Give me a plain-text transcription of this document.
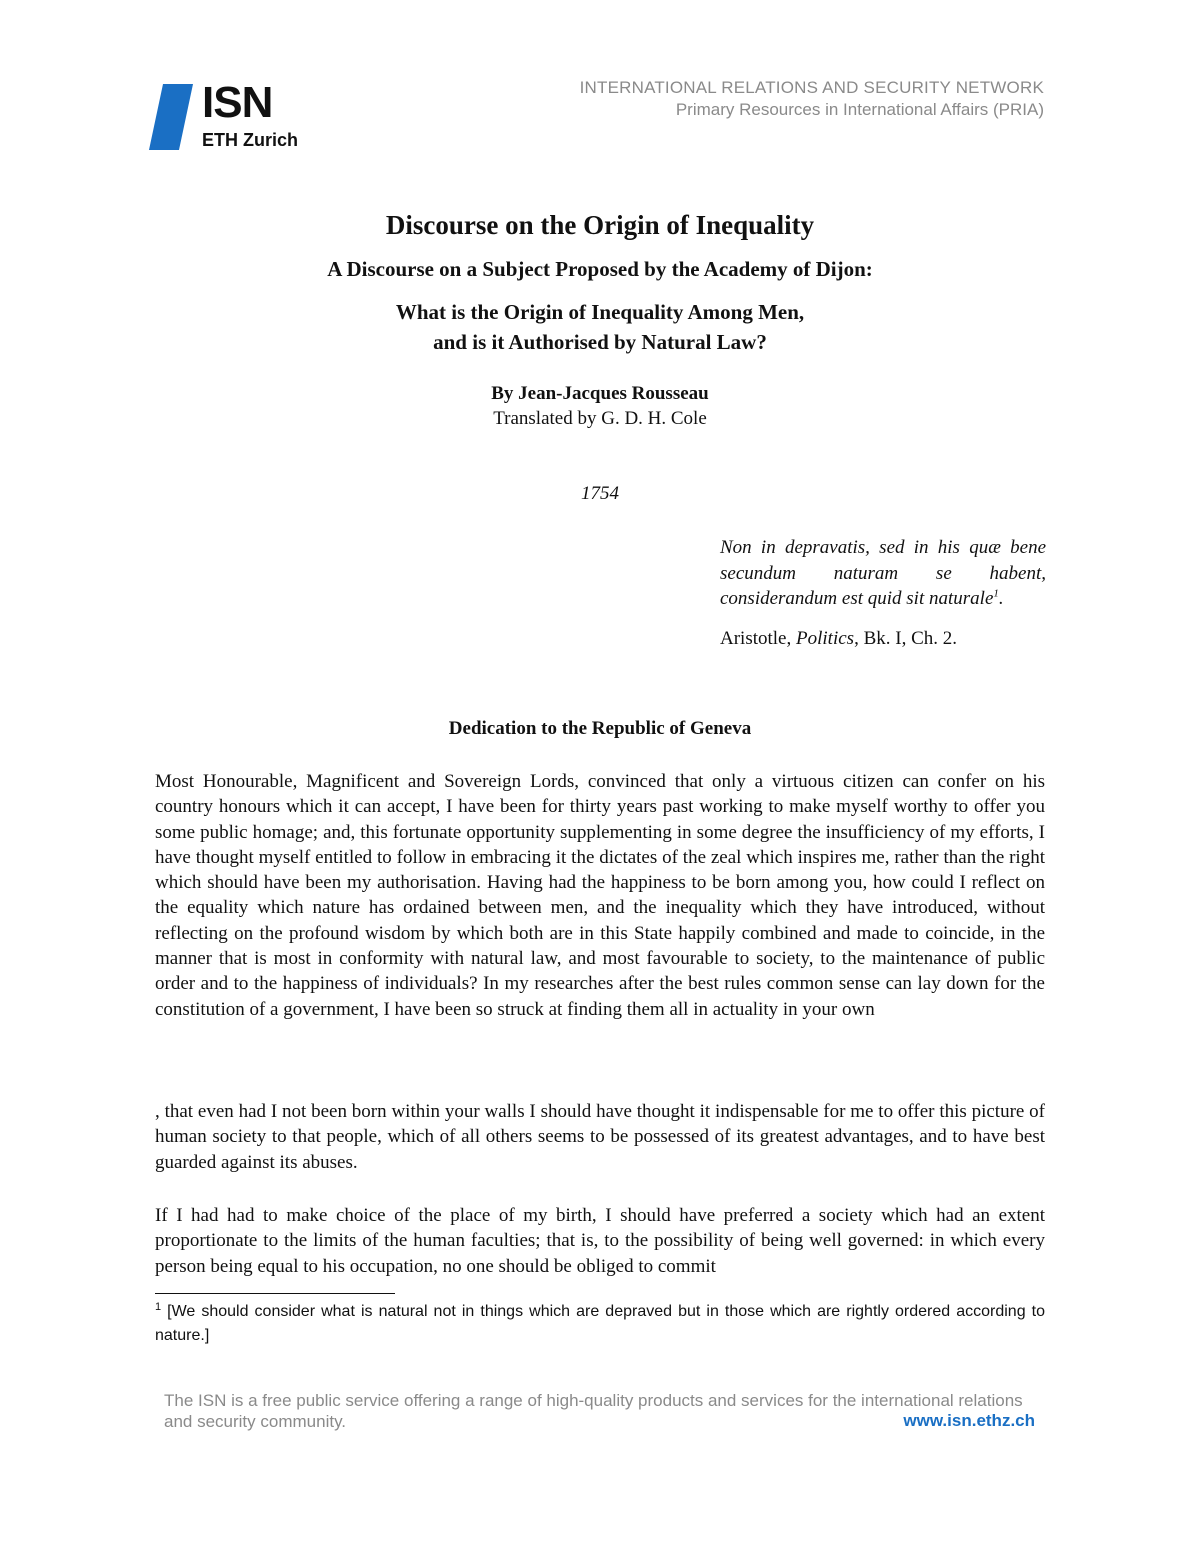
ISN
ETH Zurich
INTERNATIONAL RELATIONS AND SECURITY NETWORK
Primary Resources in International Affairs (PRIA)
Discourse on the Origin of Inequality
A Discourse on a Subject Proposed by the Academy of Dijon:
What is the Origin of Inequality Among Men,
and is it Authorised by Natural Law?
By Jean-Jacques Rousseau
Translated by G. D. H. Cole
1754
Non in depravatis, sed in his quæ bene secundum naturam se habent, considerandum est quid sit naturale$^1$.
Aristotle, Politics, Bk. I, Ch. 2.
Dedication to the Republic of Geneva
Most Honourable, Magnificent and Sovereign Lords, convinced that only a virtuous citizen can confer on his country honours which it can accept, I have been for thirty years past working to make myself worthy to offer you some public homage; and, this fortunate opportunity supplementing in some degree the insufficiency of my efforts, I have thought myself entitled to follow in embracing it the dictates of the zeal which inspires me, rather than the right which should have been my authorisation. Having had the happiness to be born among you, how could I reflect on the equality which nature has ordained between men, and the inequality which they have introduced, without reflecting on the profound wisdom by which both are in this State happily combined and made to coincide, in the manner that is most in conformity with natural law, and most favourable to society, to the maintenance of public order and to the happiness of individuals? In my researches after the best rules common sense can lay down for the constitution of a government, I have been so struck at finding them all in actuality in your own
, that even had I not been born within your walls I should have thought it indispensable for me to offer this picture of human society to that people, which of all others seems to be possessed of its greatest advantages, and to have best guarded against its abuses.
If I had had to make choice of the place of my birth, I should have preferred a society which had an extent proportionate to the limits of the human faculties; that is, to the possibility of being well governed: in which every person being equal to his occupation, no one should be obliged to commit
$^1$ [We should consider what is natural not in things which are depraved but in those which are rightly ordered according to nature.]
The ISN is a free public service offering a range of high-quality products and services for the international relations and security community.	www.isn.ethz.ch
